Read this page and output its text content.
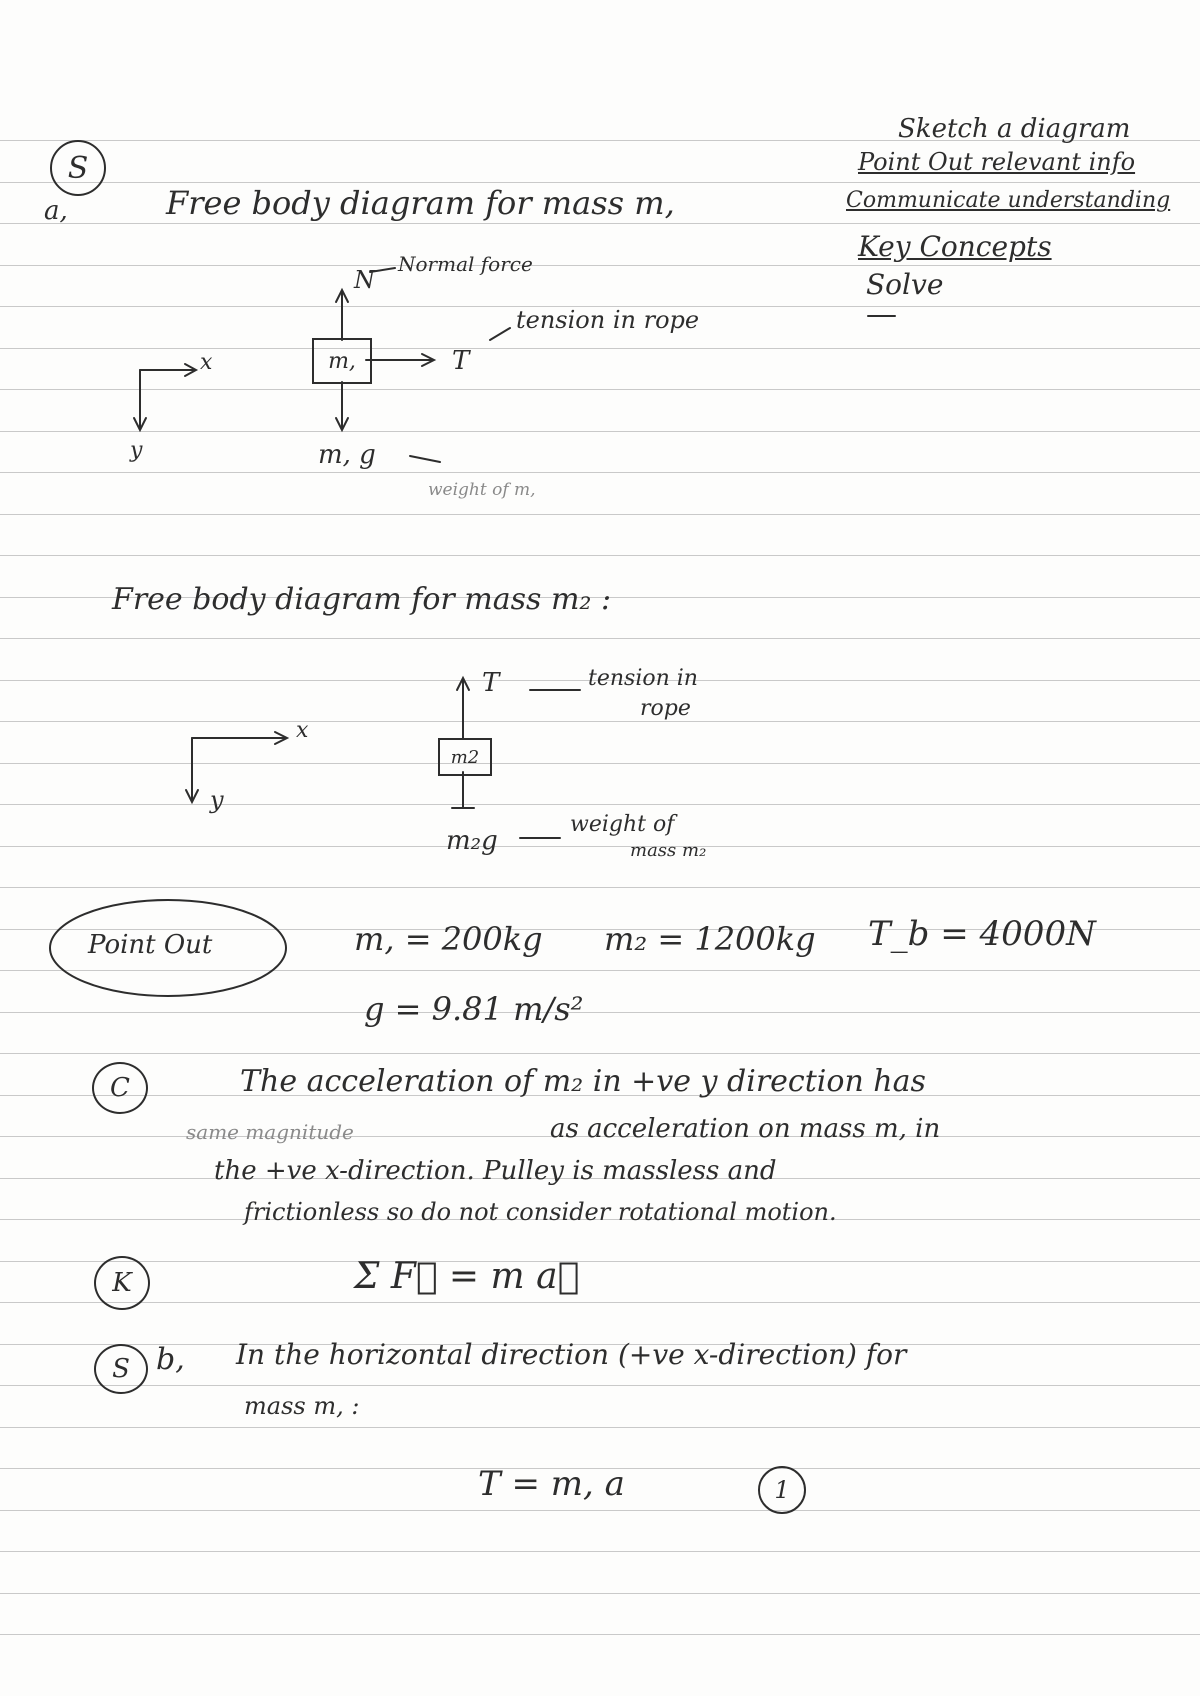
S
a,
Sketch a diagram
Point Out relevant info
Communicate understanding
Key Concepts
Solve
Free body diagram for mass m,
x
y
m,
N
Normal force
T
tension in rope
m, g
weight of m,
Free body diagram for mass m₂ :
x
y
m2
T	tension in
rope
m₂g
weight of
mass m₂
Point Out	m, = 200kg m₂ = 1200kg T_b = 4000N
g = 9.81 m/s²
C	The acceleration of m₂ in +ve y direction has
same magnitude	as acceleration on mass m, in
the +ve x-direction. Pulley is massless and
frictionless so do not consider rotational motion.
K	Σ F⃗ = m a⃗
S b, In the horizontal direction (+ve x-direction) for
mass m, :
T = m, a	1
